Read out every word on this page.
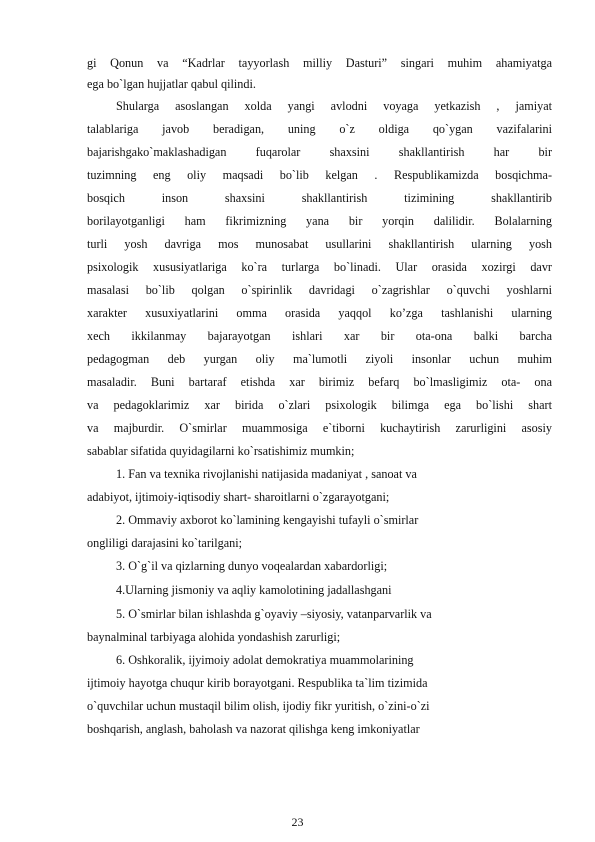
gi Qonun va “Kadrlar tayyorlash milliy Dasturi” singari muhim ahamiyatga
ega bo`lgan hujjatlar qabul qilindi.
Shularga asoslangan xolda yangi avlodni voyaga yetkazish , jamiyat
talablariga javob beradigan, uning o`z oldiga qo`ygan vazifalarini
bajarishgako`maklashadigan fuqarolar shaxsini shakllantirish har bir
tuzimning eng oliy maqsadi bo`lib kelgan . Respublikamizda bosqichma-
bosqich inson shaxsini shakllantirish tizimining shakllantirib
borilayotganligi ham fikrimizning yana bir yorqin dalilidir. Bolalarning
turli yosh davriga mos munosabat usullarini shakllantirish ularning yosh
psixologik xususiyatlariga ko`ra turlarga bo`linadi. Ular orasida xozirgi davr
masalasi bo`lib qolgan o`spirinlik davridagi o`zagrishlar o`quvchi yoshlarni
xarakter xusuxiyatlarini omma orasida yaqqol ko’zga tashlanishi ularning
xech ikkilanmay bajarayotgan ishlari xar bir ota-ona balki barcha
pedagogman deb yurgan oliy ma`lumotli ziyoli insonlar uchun muhim
masaladir. Buni bartaraf etishda xar birimiz befarq bo`lmasligimiz ota- ona
va pedagoklarimiz xar birida o`zlari psixologik bilimga ega bo`lishi shart
va majburdir. O`smirlar muammosiga e`tiborni kuchaytirish zarurligini asosiy
sabablar sifatida quyidagilarni ko`rsatishimiz mumkin;
1. Fan va texnika rivojlanishi natijasida madaniyat , sanoat va
adabiyot, ijtimoiy-iqtisodiy shart- sharoitlarni o`zgarayotgani;
2. Ommaviy axborot ko`lamining kengayishi tufayli o`smirlar
ongliligi darajasini ko`tarilgani;
3. O`g`il va qizlarning dunyo voqealardan xabardorligi;
4.Ularning jismoniy va aqliy kamolotining jadallashgani
5. O`smirlar bilan ishlashda g`oyaviy –siyosiy, vatanparvarlik va
baynalminal tarbiyaga alohida yondashish zarurligi;
6. Oshkoralik, ijyimoiy adolat demokratiya muammolarining
ijtimoiy hayotga chuqur kirib borayotgani. Respublika ta`lim tizimida
o`quvchilar uchun mustaqil bilim olish, ijodiy fikr yuritish, o`zini-o`zi
boshqarish, anglash, baholash va nazorat qilishga keng imkoniyatlar
23
